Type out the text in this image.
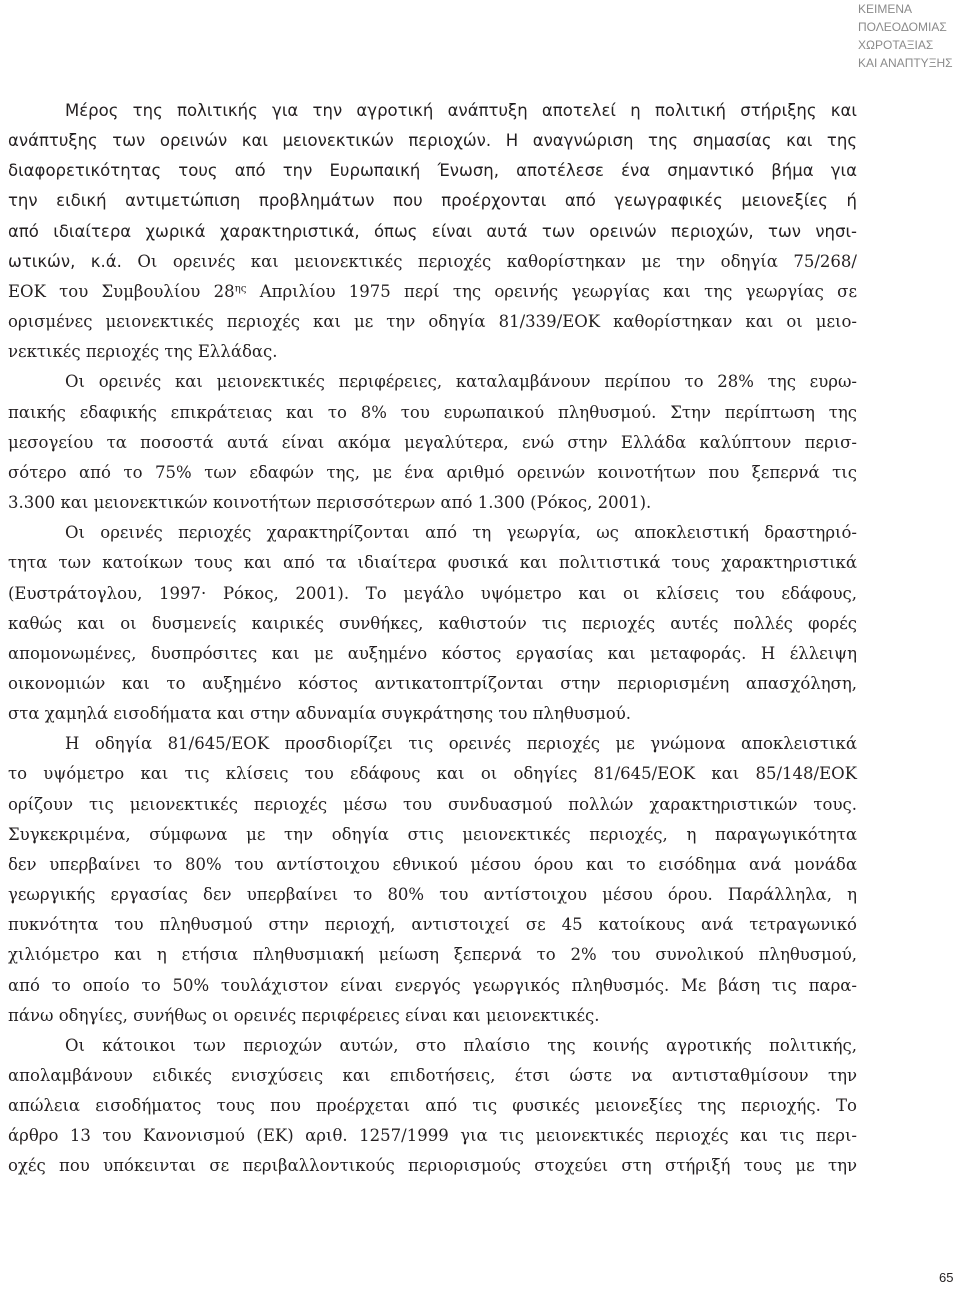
ΚΕΙΜΕΝΑ
ΠΟΛΕΟΔΟΜΙΑΣ
ΧΩΡΟΤΑΞΙΑΣ
ΚΑΙ ΑΝΑΠΤΥΞΗΣ
Μέρος της πολιτικής για την αγροτική ανάπτυξη αποτελεί η πολιτική στήριξης και
ανάπτυξης των ορεινών και μειονεκτικών περιοχών. Η αναγνώριση της σημασίας και της
διαφορετικότητας τους από την Ευρωπαική Ένωση, αποτέλεσε ένα σημαντικό βήμα για
την ειδική αντιμετώπιση προβλημάτων που προέρχονται από γεωγραφικές μειονεξίες ή
από ιδιαίτερα χωρικά χαρακτηριστικά, όπως είναι αυτά των ορεινών περιοχών, των νησι-
ωτικών, κ.ά. Οι ορεινές και μειονεκτικές περιοχές καθορίστηκαν με την οδηγία 75/268/
ΕΟΚ του Συμβουλίου $28^{\eta\varsigma}$ Απριλίου 1975 περί της ορεινής γεωργίας και της γεωργίας σε
ορισμένες μειονεκτικές περιοχές και με την οδηγία 81/339/ΕΟΚ καθορίστηκαν και οι μειο-
νεκτικές περιοχές της Ελλάδας.
Οι ορεινές και μειονεκτικές περιφέρειες, καταλαμβάνουν περίπου το 28% της ευρω-
παικής εδαφικής επικράτειας και το 8% του ευρωπαικού πληθυσμού. Στην περίπτωση της
μεσογείου τα ποσοστά αυτά είναι ακόμα μεγαλύτερα, ενώ στην Ελλάδα καλύπτουν περισ-
σότερο από το 75% των εδαφών της, με ένα αριθμό ορεινών κοινοτήτων που ξεπερνά τις
3.300 και μειονεκτικών κοινοτήτων περισσότερων από 1.300 (Ρόκος, 2001).
Οι ορεινές περιοχές χαρακτηρίζονται από τη γεωργία, ως αποκλειστική δραστηριό-
τητα των κατοίκων τους και από τα ιδιαίτερα φυσικά και πολιτιστικά τους χαρακτηριστικά
(Ευστράτογλου, 1997· Ρόκος, 2001). Το μεγάλο υψόμετρο και οι κλίσεις του εδάφους,
καθώς και οι δυσμενείς καιρικές συνθήκες, καθιστούν τις περιοχές αυτές πολλές φορές
απομονωμένες, δυσπρόσιτες και με αυξημένο κόστος εργασίας και μεταφοράς. Η έλλειψη
οικονομιών και το αυξημένο κόστος αντικατοπτρίζονται στην περιορισμένη απασχόληση,
στα χαμηλά εισοδήματα και στην αδυναμία συγκράτησης του πληθυσμού.
Η οδηγία 81/645/ΕΟΚ προσδιορίζει τις ορεινές περιοχές με γνώμονα αποκλειστικά
το υψόμετρο και τις κλίσεις του εδάφους και οι οδηγίες 81/645/ΕΟΚ και 85/148/ΕΟΚ
ορίζουν τις μειονεκτικές περιοχές μέσω του συνδυασμού πολλών χαρακτηριστικών τους.
Συγκεκριμένα, σύμφωνα με την οδηγία στις μειονεκτικές περιοχές, η παραγωγικότητα
δεν υπερβαίνει το 80% του αντίστοιχου εθνικού μέσου όρου και το εισόδημα ανά μονάδα
γεωργικής εργασίας δεν υπερβαίνει το 80% του αντίστοιχου μέσου όρου. Παράλληλα, η
πυκνότητα του πληθυσμού στην περιοχή, αντιστοιχεί σε 45 κατοίκους ανά τετραγωνικό
χιλιόμετρο και η ετήσια πληθυσμιακή μείωση ξεπερνά το 2% του συνολικού πληθυσμού,
από το οποίο το 50% τουλάχιστον είναι ενεργός γεωργικός πληθυσμός. Με βάση τις παρα-
πάνω οδηγίες, συνήθως οι ορεινές περιφέρειες είναι και μειονεκτικές.
Οι κάτοικοι των περιοχών αυτών, στο πλαίσιο της κοινής αγροτικής πολιτικής,
απολαμβάνουν ειδικές ενισχύσεις και επιδοτήσεις, έτσι ώστε να αντισταθμίσουν την
απώλεια εισοδήματος τους που προέρχεται από τις φυσικές μειονεξίες της περιοχής. Το
άρθρο 13 του Κανονισμού (ΕΚ) αριθ. 1257/1999 για τις μειονεκτικές περιοχές και τις περι-
οχές που υπόκεινται σε περιβαλλοντικούς περιορισμούς στοχεύει στη στήριξή τους με την
65
